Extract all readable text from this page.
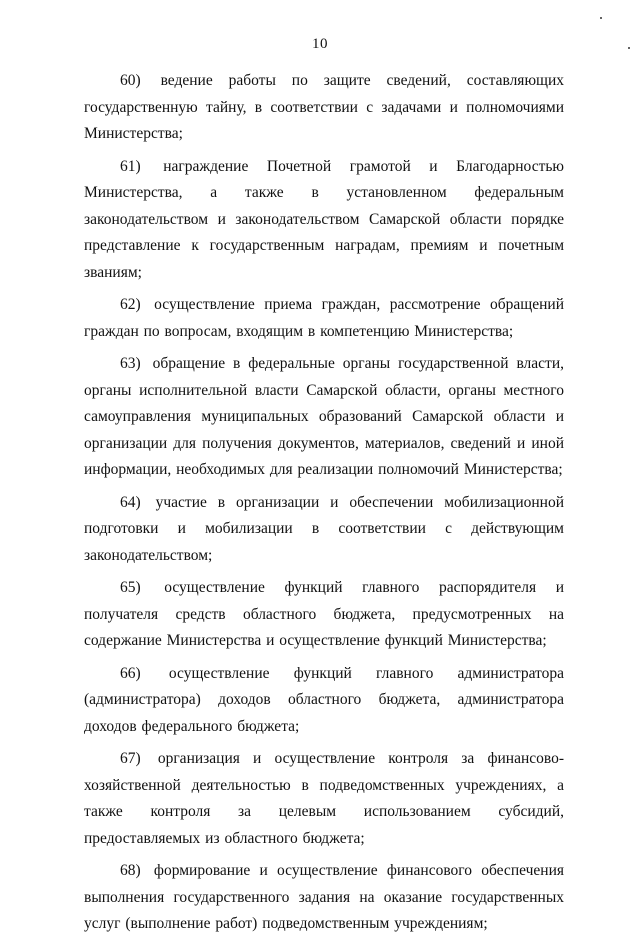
10

60) ведение работы по защите сведений, составляющих государственную тайну, в соответствии с задачами и полномочиями Министерства;

61) награждение Почетной грамотой и Благодарностью Министерства, а также в установленном федеральным законодательством и законодательством Самарской области порядке представление к государственным наградам, премиям и почетным званиям;

62) осуществление приема граждан, рассмотрение обращений граждан по вопросам, входящим в компетенцию Министерства;

63) обращение в федеральные органы государственной власти, органы исполнительной власти Самарской области, органы местного самоуправления муниципальных образований Самарской области и организации для получения документов, материалов, сведений и иной информации, необходимых для реализации полномочий Министерства;

64) участие в организации и обеспечении мобилизационной подготовки и мобилизации в соответствии с действующим законодательством;

65) осуществление функций главного распорядителя и получателя средств областного бюджета, предусмотренных на содержание Министерства и осуществление функций Министерства;

66) осуществление функций главного администратора (администратора) доходов областного бюджета, администратора доходов федерального бюджета;

67) организация и осуществление контроля за финансово-хозяйственной деятельностью в подведомственных учреждениях, а также контроля за целевым использованием субсидий, предоставляемых из областного бюджета;

68) формирование и осуществление финансового обеспечения выполнения государственного задания на оказание государственных услуг (выполнение работ) подведомственным учреждениям;
